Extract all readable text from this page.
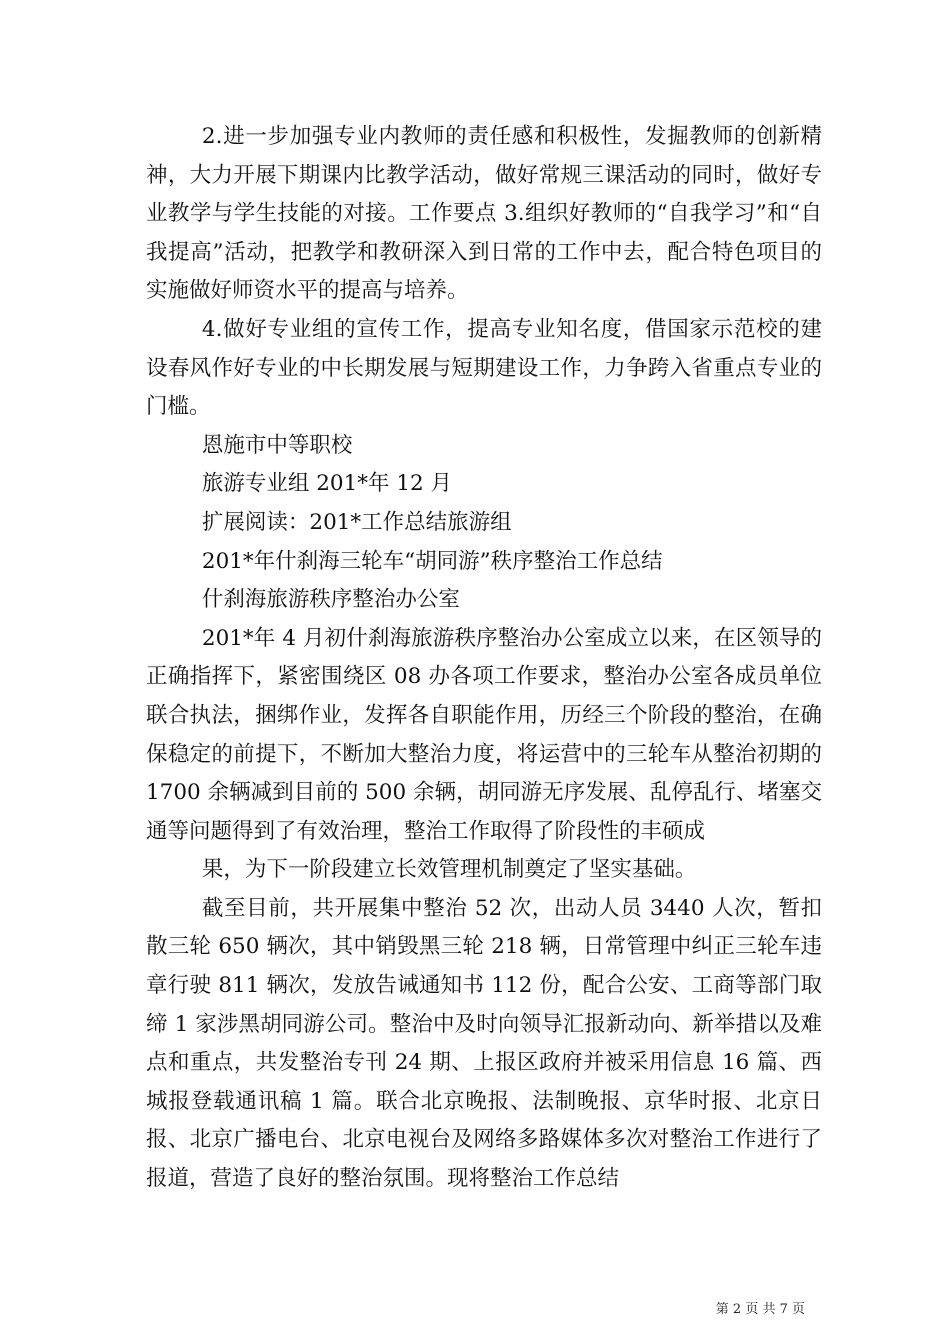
2.进一步加强专业内教师的责任感和积极性，发掘教师的创新精神，大力开展下期课内比教学活动，做好常规三课活动的同时，做好专业教学与学生技能的对接。工作要点 3.组织好教师的“自我学习”和“自我提高”活动，把教学和教研深入到日常的工作中去，配合特色项目的实施做好师资水平的提高与培养。

4.做好专业组的宣传工作，提高专业知名度，借国家示范校的建设春风作好专业的中长期发展与短期建设工作，力争跨入省重点专业的门槛。

恩施市中等职校

旅游专业组 201*年 12 月

扩展阅读：201*工作总结旅游组

201*年什刹海三轮车“胡同游”秩序整治工作总结

什刹海旅游秩序整治办公室

201*年 4 月初什刹海旅游秩序整治办公室成立以来，在区领导的正确指挥下，紧密围绕区 08 办各项工作要求，整治办公室各成员单位联合执法，捆绑作业，发挥各自职能作用，历经三个阶段的整治，在确保稳定的前提下，不断加大整治力度，将运营中的三轮车从整治初期的 1700 余辆减到目前的 500 余辆，胡同游无序发展、乱停乱行、堵塞交通等问题得到了有效治理，整治工作取得了阶段性的丰硕成

果，为下一阶段建立长效管理机制奠定了坚实基础。

截至目前，共开展集中整治 52 次，出动人员 3440 人次，暂扣散三轮 650 辆次，其中销毁黑三轮 218 辆，日常管理中纠正三轮车违章行驶 811 辆次，发放告诫通知书 112 份，配合公安、工商等部门取缔 1 家涉黑胡同游公司。整治中及时向领导汇报新动向、新举措以及难点和重点，共发整治专刊 24 期、上报区政府并被采用信息 16 篇、西城报登载通讯稿 1 篇。联合北京晚报、法制晚报、京华时报、北京日报、北京广播电台、北京电视台及网络多路媒体多次对整治工作进行了报道，营造了良好的整治氛围。现将整治工作总结

第 2 页 共 7 页
